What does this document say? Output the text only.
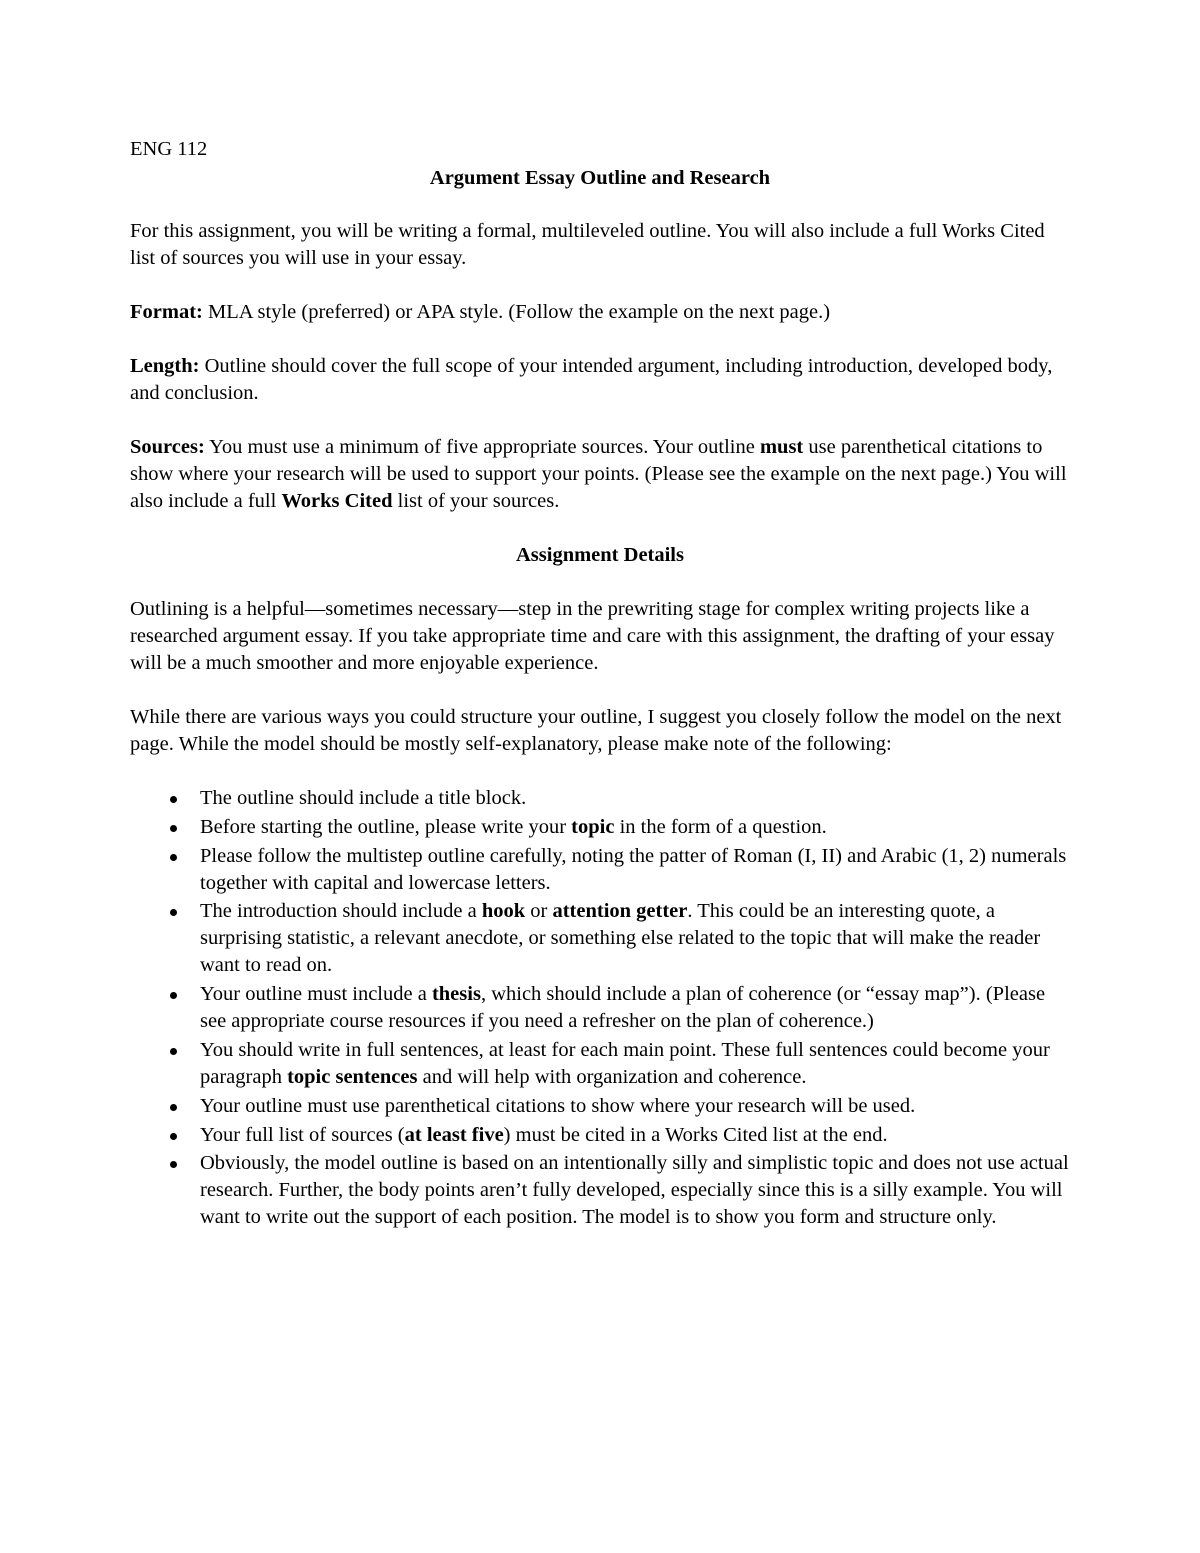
ENG 112

Argument Essay Outline and Research

For this assignment, you will be writing a formal, multileveled outline. You will also include a full Works Cited list of sources you will use in your essay.

Format: MLA style (preferred) or APA style. (Follow the example on the next page.)

Length: Outline should cover the full scope of your intended argument, including introduction, developed body, and conclusion.

Sources: You must use a minimum of five appropriate sources. Your outline must use parenthetical citations to show where your research will be used to support your points. (Please see the example on the next page.) You will also include a full Works Cited list of your sources.

Assignment Details

Outlining is a helpful—sometimes necessary—step in the prewriting stage for complex writing projects like a researched argument essay. If you take appropriate time and care with this assignment, the drafting of your essay will be a much smoother and more enjoyable experience.

While there are various ways you could structure your outline, I suggest you closely follow the model on the next page. While the model should be mostly self-explanatory, please make note of the following:

The outline should include a title block.
Before starting the outline, please write your topic in the form of a question.
Please follow the multistep outline carefully, noting the patter of Roman (I, II) and Arabic (1, 2) numerals together with capital and lowercase letters.
The introduction should include a hook or attention getter. This could be an interesting quote, a surprising statistic, a relevant anecdote, or something else related to the topic that will make the reader want to read on.
Your outline must include a thesis, which should include a plan of coherence (or “essay map”). (Please see appropriate course resources if you need a refresher on the plan of coherence.)
You should write in full sentences, at least for each main point. These full sentences could become your paragraph topic sentences and will help with organization and coherence.
Your outline must use parenthetical citations to show where your research will be used.
Your full list of sources (at least five) must be cited in a Works Cited list at the end.
Obviously, the model outline is based on an intentionally silly and simplistic topic and does not use actual research. Further, the body points aren’t fully developed, especially since this is a silly example. You will want to write out the support of each position. The model is to show you form and structure only.
